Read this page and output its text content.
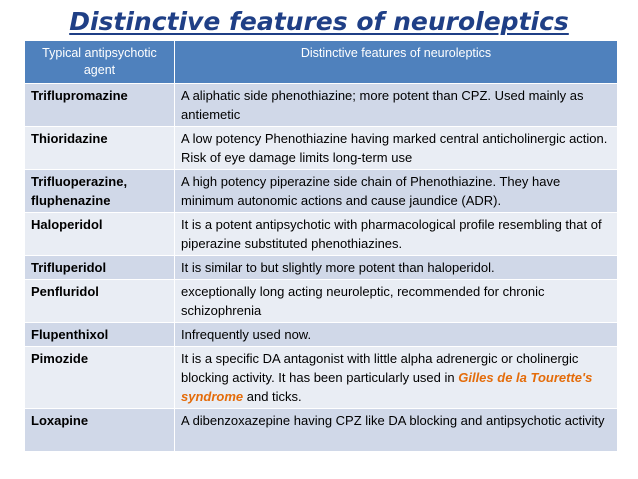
Distinctive features of neuroleptics
Typical antipsychotic agent	Distinctive features of neuroleptics
Triflupromazine	A aliphatic side phenothiazine; more potent than CPZ. Used mainly as antiemetic
Thioridazine	A low potency Phenothiazine having marked central anticholinergic action. Risk of eye damage limits long-term use
Trifluoperazine, fluphenazine	A high potency piperazine side chain of Phenothiazine. They have minimum autonomic actions and cause jaundice (ADR).
Haloperidol	It is a potent antipsychotic with pharmacological profile resembling that of piperazine substituted phenothiazines.
Trifluperidol	It is similar to but slightly more potent than haloperidol.
Penfluridol	exceptionally long acting neuroleptic, recommended for chronic schizophrenia
Flupenthixol	Infrequently used now.
Pimozide	It is a specific DA antagonist with little alpha adrenergic or cholinergic blocking activity. It has been particularly used in Gilles de la Tourette's syndrome and ticks.
Loxapine	A dibenzoxazepine having CPZ like DA blocking and antipsychotic activity
